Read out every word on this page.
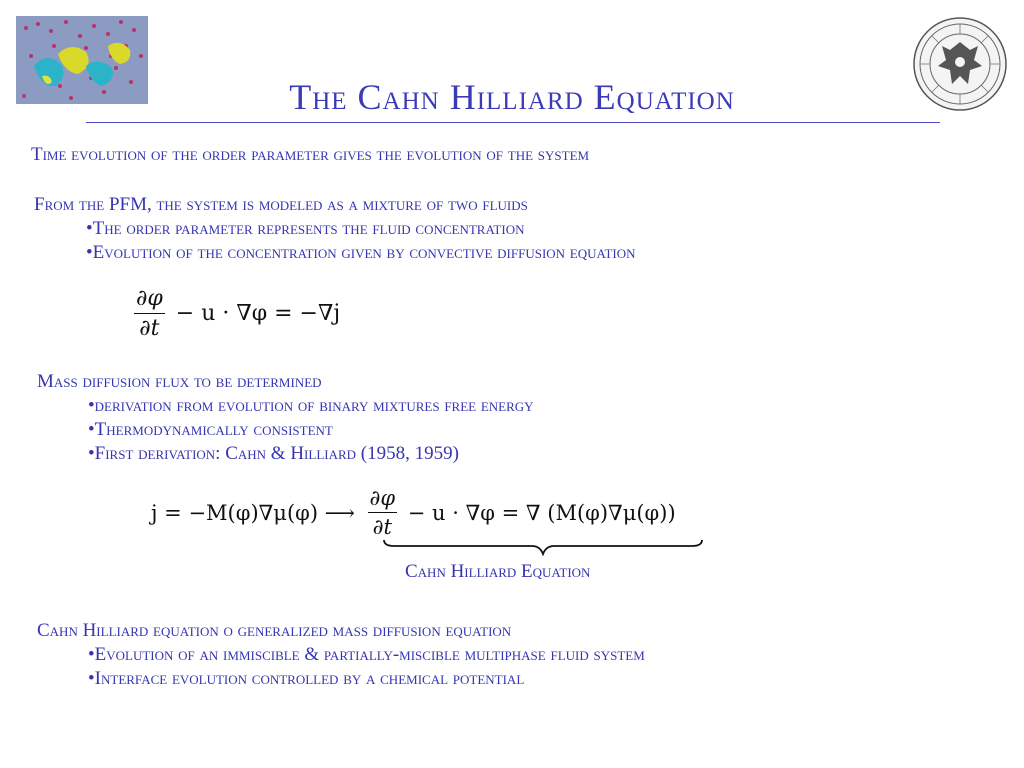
The Cahn Hilliard Equation
Time evolution of the order parameter gives the evolution of the system
From the PFM, the system is modeled as a mixture of two fluids
• The order parameter represents the fluid concentration
• Evolution of the concentration given by convective diffusion equation
$\frac{\partial\varphi}{\partial t} - u \cdot \nabla\varphi = -\nabla j$
Mass diffusion flux to be determined
• derivation from evolution of binary mixtures free energy
• Thermodynamically consistent
• First derivation: Cahn & Hilliard (1958, 1959)
j = −M(φ)∇μ(φ) ⟶ $\frac{\partial\varphi}{\partial t} - u \cdot \nabla\varphi$ = ∇ (M(φ)∇μ(φ))
Cahn Hilliard Equation
Cahn Hilliard equation o generalized mass diffusion equation
• Evolution of an immiscible & partially-miscible multiphase fluid system
• Interface evolution controlled by a chemical potential
